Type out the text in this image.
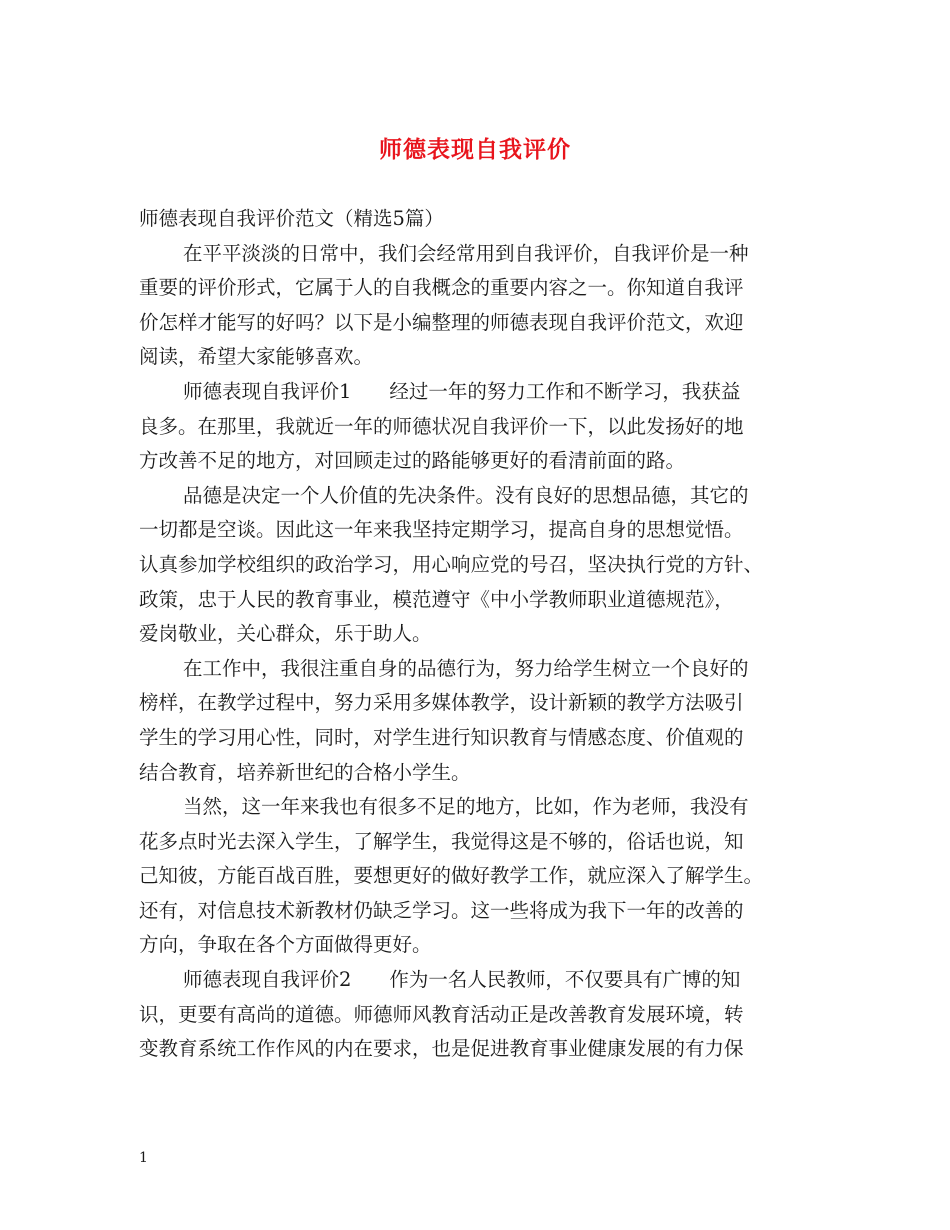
师德表现自我评价
师德表现自我评价范文（精选5篇）
在平平淡淡的日常中，我们会经常用到自我评价，自我评价是一种
重要的评价形式，它属于人的自我概念的重要内容之一。你知道自我评
价怎样才能写的好吗？以下是小编整理的师德表现自我评价范文，欢迎
阅读，希望大家能够喜欢。
师德表现自我评价1 经过一年的努力工作和不断学习，我获益
良多。在那里，我就近一年的师德状况自我评价一下，以此发扬好的地
方改善不足的地方，对回顾走过的路能够更好的看清前面的路。
品德是决定一个人价值的先决条件。没有良好的思想品德，其它的
一切都是空谈。因此这一年来我坚持定期学习，提高自身的思想觉悟。
认真参加学校组织的政治学习，用心响应党的号召，坚决执行党的方针、
政策，忠于人民的教育事业，模范遵守《中小学教师职业道德规范》，
爱岗敬业，关心群众，乐于助人。
在工作中，我很注重自身的品德行为，努力给学生树立一个良好的
榜样，在教学过程中，努力采用多媒体教学，设计新颖的教学方法吸引
学生的学习用心性，同时，对学生进行知识教育与情感态度、价值观的
结合教育，培养新世纪的合格小学生。
当然，这一年来我也有很多不足的地方，比如，作为老师，我没有
花多点时光去深入学生，了解学生，我觉得这是不够的，俗话也说，知
己知彼，方能百战百胜，要想更好的做好教学工作，就应深入了解学生。
还有，对信息技术新教材仍缺乏学习。这一些将成为我下一年的改善的
方向，争取在各个方面做得更好。
师德表现自我评价2 作为一名人民教师，不仅要具有广博的知
识，更要有高尚的道德。师德师风教育活动正是改善教育发展环境，转
变教育系统工作作风的内在要求，也是促进教育事业健康发展的有力保
1
